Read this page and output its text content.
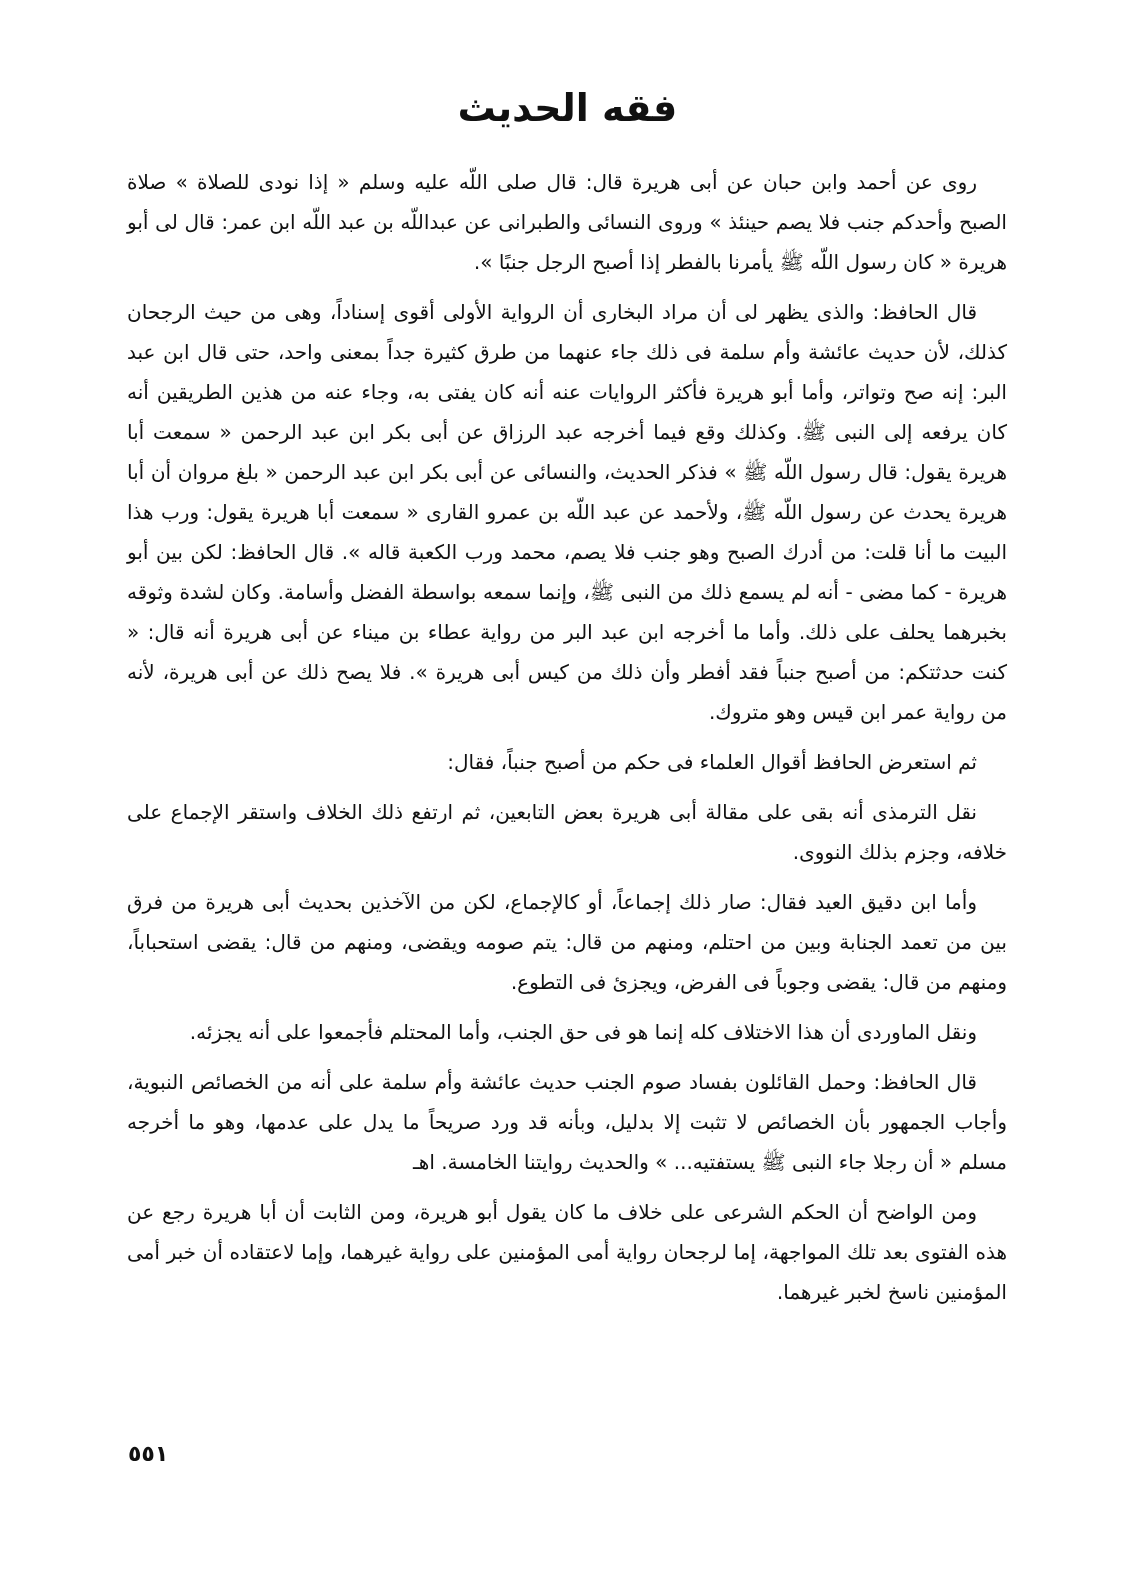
فقه الحديث

روى عن أحمد وابن حبان عن أبى هريرة قال: قال صلى اللّه عليه وسلم « إذا نودى للصلاة » صلاة الصبح وأحدكم جنب فلا يصم حينئذ » وروى النسائى والطبرانى عن عبداللّه بن عبد اللّه ابن عمر: قال لى أبو هريرة « كان رسول اللّه ﷺ يأمرنا بالفطر إذا أصبح الرجل جنبًا ».

قال الحافظ: والذى يظهر لى أن مراد البخارى أن الرواية الأولى أقوى إسناداً، وهى من حيث الرجحان كذلك، لأن حديث عائشة وأم سلمة فى ذلك جاء عنهما من طرق كثيرة جداً بمعنى واحد، حتى قال ابن عبد البر: إنه صح وتواتر، وأما أبو هريرة فأكثر الروايات عنه أنه كان يفتى به، وجاء عنه من هذين الطريقين أنه كان يرفعه إلى النبى ﷺ. وكذلك وقع فيما أخرجه عبد الرزاق عن أبى بكر ابن عبد الرحمن « سمعت أبا هريرة يقول: قال رسول اللّه ﷺ » فذكر الحديث، والنسائى عن أبى بكر ابن عبد الرحمن « بلغ مروان أن أبا هريرة يحدث عن رسول اللّه ﷺ، ولأحمد عن عبد اللّه بن عمرو القارى « سمعت أبا هريرة يقول: ورب هذا البيت ما أنا قلت: من أدرك الصبح وهو جنب فلا يصم، محمد ورب الكعبة قاله ». قال الحافظ: لكن بين أبو هريرة - كما مضى - أنه لم يسمع ذلك من النبى ﷺ، وإنما سمعه بواسطة الفضل وأسامة. وكان لشدة وثوقه بخبرهما يحلف على ذلك. وأما ما أخرجه ابن عبد البر من رواية عطاء بن ميناء عن أبى هريرة أنه قال: « كنت حدثتكم: من أصبح جنباً فقد أفطر وأن ذلك من كيس أبى هريرة ». فلا يصح ذلك عن أبى هريرة، لأنه من رواية عمر ابن قيس وهو متروك.

ثم استعرض الحافظ أقوال العلماء فى حكم من أصبح جنباً، فقال:

نقل الترمذى أنه بقى على مقالة أبى هريرة بعض التابعين، ثم ارتفع ذلك الخلاف واستقر الإجماع على خلافه، وجزم بذلك النووى.

وأما ابن دقيق العيد فقال: صار ذلك إجماعاً، أو كالإجماع، لكن من الآخذين بحديث أبى هريرة من فرق بين من تعمد الجنابة وبين من احتلم، ومنهم من قال: يتم صومه ويقضى، ومنهم من قال: يقضى استحباباً، ومنهم من قال: يقضى وجوباً فى الفرض، ويجزئ فى التطوع.

ونقل الماوردى أن هذا الاختلاف كله إنما هو فى حق الجنب، وأما المحتلم فأجمعوا على أنه يجزئه.

قال الحافظ: وحمل القائلون بفساد صوم الجنب حديث عائشة وأم سلمة على أنه من الخصائص النبوية، وأجاب الجمهور بأن الخصائص لا تثبت إلا بدليل، وبأنه قد ورد صريحاً ما يدل على عدمها، وهو ما أخرجه مسلم « أن رجلا جاء النبى ﷺ يستفتيه... » والحديث روايتنا الخامسة. اهـ

ومن الواضح أن الحكم الشرعى على خلاف ما كان يقول أبو هريرة، ومن الثابت أن أبا هريرة رجع عن هذه الفتوى بعد تلك المواجهة، إما لرجحان رواية أمى المؤمنين على رواية غيرهما، وإما لاعتقاده أن خبر أمى المؤمنين ناسخ لخبر غيرهما.

٥٥١
